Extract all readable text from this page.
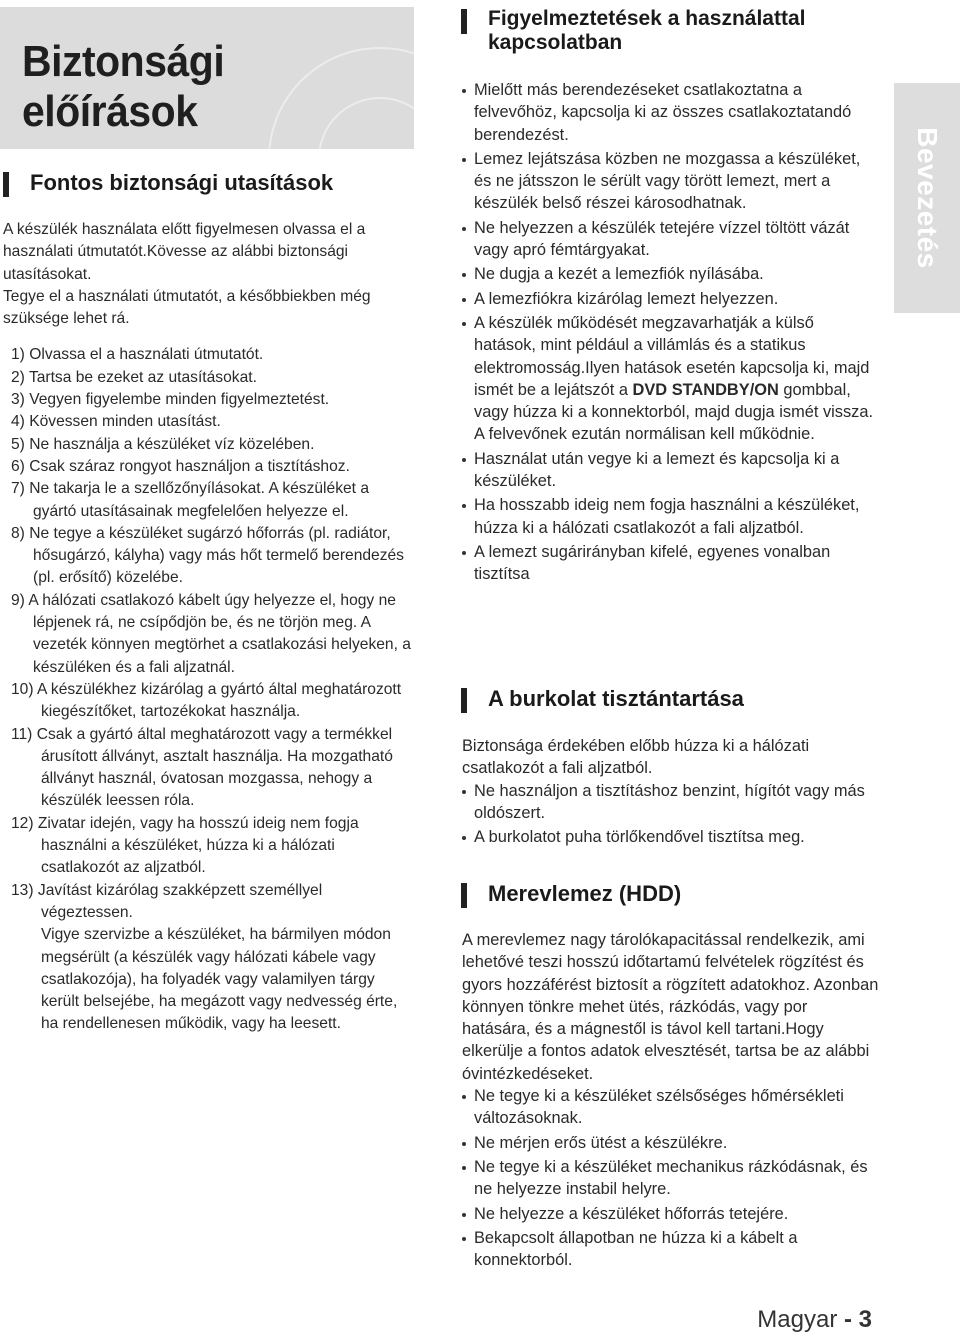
Biztonsági előírások
Bevezetés
Fontos biztonsági utasítások

A készülék használata előtt figyelmesen olvassa el a használati útmutatót.Kövesse az alábbi biztonsági utasításokat.

Tegye el a használati útmutatót, a későbbiekben még szüksége lehet rá.

1) Olvassa el a használati útmutatót.
2) Tartsa be ezeket az utasításokat.
3) Vegyen figyelembe minden figyelmeztetést.
4) Kövessen minden utasítást.
5) Ne használja a készüléket víz közelében.
6) Csak száraz rongyot használjon a tisztításhoz.
7) Ne takarja le a szellőzőnyílásokat. A készüléket a gyártó utasításainak megfelelően helyezze el.
8) Ne tegye a készüléket sugárzó hőforrás (pl. radiátor, hősugárzó, kályha) vagy más hőt termelő berendezés (pl. erősítő) közelébe.
9) A hálózati csatlakozó kábelt úgy helyezze el, hogy ne lépjenek rá, ne csípődjön be, és ne törjön meg. A vezeték könnyen megtörhet a csatlakozási helyeken, a készüléken és a fali aljzatnál.
10) A készülékhez kizárólag a gyártó által meghatározott kiegészítőket, tartozékokat használja.
11) Csak a gyártó által meghatározott vagy a termékkel árusított állványt, asztalt használja. Ha mozgatható állványt használ, óvatosan mozgassa, nehogy a készülék leessen róla.
12) Zivatar idején, vagy ha hosszú ideig nem fogja használni a készüléket, húzza ki a hálózati csatlakozót az aljzatból.
13) Javítást kizárólag szakképzett személlyel végeztessen.
Vigye szervizbe a készüléket, ha bármilyen módon megsérült (a készülék vagy hálózati kábele vagy csatlakozója), ha folyadék vagy valamilyen tárgy került belsejébe, ha megázott vagy nedvesség érte, ha rendellenesen működik, vagy ha leesett.
Figyelmeztetések a használattal kapcsolatban
Mielőtt más berendezéseket csatlakoztatna a felvevőhöz, kapcsolja ki az összes csatlakoztatandó berendezést.
Lemez lejátszása közben ne mozgassa a készüléket, és ne játsszon le sérült vagy törött lemezt, mert a készülék belső részei károsodhatnak.
Ne helyezzen a készülék tetejére vízzel töltött vázát vagy apró fémtárgyakat.
Ne dugja a kezét a lemezfiók nyílásába.
A lemezfiókra kizárólag lemezt helyezzen.
A készülék működését megzavarhatják a külső hatások, mint például a villámlás és a statikus elektromosság.Ilyen hatások esetén kapcsolja ki, majd ismét be a lejátszót a DVD STANDBY/ON gombbal, vagy húzza ki a konnektorból, majd dugja ismét vissza. A felvevőnek ezután normálisan kell működnie.
Használat után vegye ki a lemezt és kapcsolja ki a készüléket.
Ha hosszabb ideig nem fogja használni a készüléket, húzza ki a hálózati csatlakozót a fali aljzatból.
A lemezt sugárirányban kifelé, egyenes vonalban tisztítsa
A burkolat tisztántartása

Biztonsága érdekében előbb húzza ki a hálózati csatlakozót a fali aljzatból.

Ne használjon a tisztításhoz benzint, hígítót vagy más oldószert.
A burkolatot puha törlőkendővel tisztítsa meg.
Merevlemez (HDD)

A merevlemez nagy tárolókapacitással rendelkezik, ami lehetővé teszi hosszú időtartamú felvételek rögzítést és gyors hozzáférést biztosít a rögzített adatokhoz. Azonban könnyen tönkre mehet ütés, rázkódás, vagy por hatására, és a mágnestől is távol kell tartani.Hogy elkerülje a fontos adatok elvesztését, tartsa be az alábbi óvintézkedéseket.

Ne tegye ki a készüléket szélsőséges hőmérsékleti változásoknak.
Ne mérjen erős ütést a készülékre.
Ne tegye ki a készüléket mechanikus rázkódásnak, és ne helyezze instabil helyre.
Ne helyezze a készüléket hőforrás tetejére.
Bekapcsolt állapotban ne húzza ki a kábelt a konnektorból.
Magyar - 3
